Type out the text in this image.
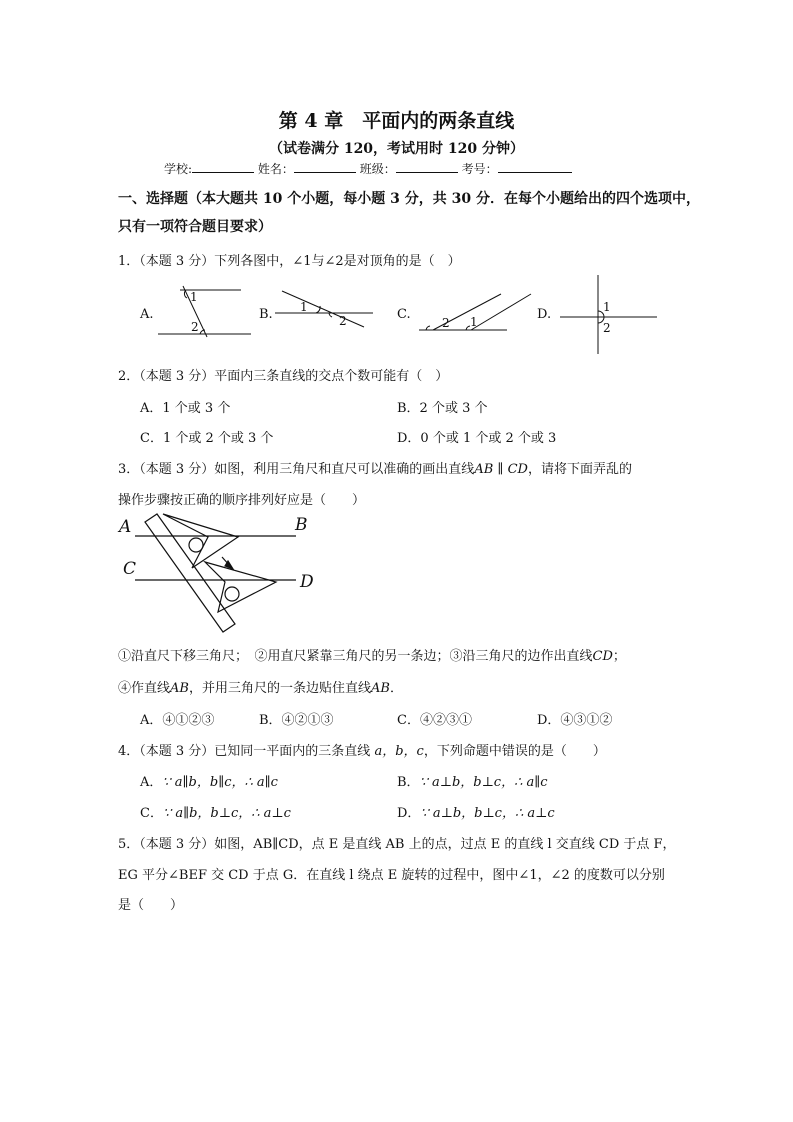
第 4 章　平面内的两条直线
（试卷满分 120，考试用时 120 分钟）
学校:	姓名：	班级：	考号：
一、选择题（本大题共 10 个小题，每小题 3 分，共 30 分．在每个小题给出的四个选项中，
只有一项符合题目要求）
1．（本题 3 分）下列各图中，∠1与∠2是对顶角的是（　）
A.	B.	C.	D.
1
2
1
2	2 1
1
2
A	B
C
D
2．（本题 3 分）平面内三条直线的交点个数可能有（　）
A．1 个或 3 个	B．2 个或 3 个
C．1 个或 2 个或 3 个	D．0 个或 1 个或 2 个或 3
3．（本题 3 分）如图，利用三角尺和直尺可以准确的画出直线AB ∥ CD，请将下面弄乱的
操作步骤按正确的顺序排列好应是（　　）
①沿直尺下移三角尺；　②用直尺紧靠三角尺的另一条边；③沿三角尺的边作出直线CD；
④作直线AB，并用三角尺的一条边贴住直线AB．
A．④①②③	B．④②①③	C．④②③①	D．④③①②
4．（本题 3 分）已知同一平面内的三条直线 a，b，c，下列命题中错误的是（　　）
A．∵ a∥b，b∥c，∴ a∥c	B．∵ a⊥b，b⊥c，∴ a∥c
C．∵ a∥b，b⊥c，∴ a⊥c	D．∵ a⊥b，b⊥c，∴ a⊥c
5．（本题 3 分）如图，AB∥CD，点 E 是直线 AB 上的点，过点 E 的直线 l 交直线 CD 于点 F，
EG 平分∠BEF 交 CD 于点 G．在直线 l 绕点 E 旋转的过程中，图中∠1，∠2 的度数可以分别
是（　　）
